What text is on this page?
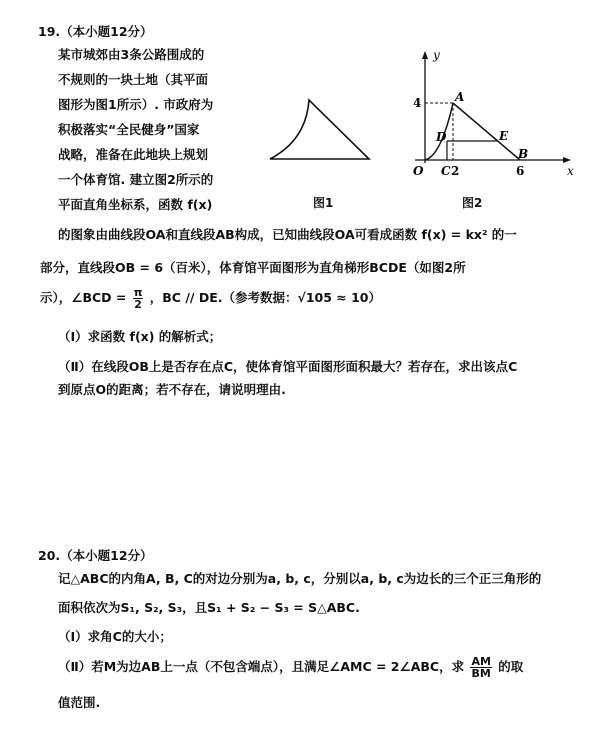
19.（本小题12分）
某市城郊由3条公路围成的
不规则的一块土地（其平面
图形为图1所示）. 市政府为
积极落实“全民健身”国家
战略，准备在此地块上规划
一个体育馆. 建立图2所示的
平面直角坐标系，函数 f(x)	图1
y
x
A
B
C
D	E
O
4
2	6
图2
的图象由曲线段OA和直线段AB构成，已知曲线段OA可看成函数 f(x) = kx² 的一
部分，直线段OB = 6（百米），体育馆平面图形为直角梯形BCDE（如图2所
示），∠BCD = $\frac{\pi}{2}$ ，BC // DE.（参考数据：√105 ≈ 10）
（Ⅰ）求函数 f(x) 的解析式；
（Ⅱ）在线段OB上是否存在点C，使体育馆平面图形面积最大？若存在，求出该点C
到原点O的距离；若不存在，请说明理由.
20.（本小题12分）
记△ABC的内角A, B, C的对边分别为a, b, c，分别以a, b, c为边长的三个正三角形的
面积依次为S₁, S₂, S₃，且S₁ + S₂ − S₃ = S△ABC.
（Ⅰ）求角C的大小；
（Ⅱ）若M为边AB上一点（不包含端点），且满足∠AMC = 2∠ABC，求 $\frac{AM}{BM}$ 的取
值范围.
